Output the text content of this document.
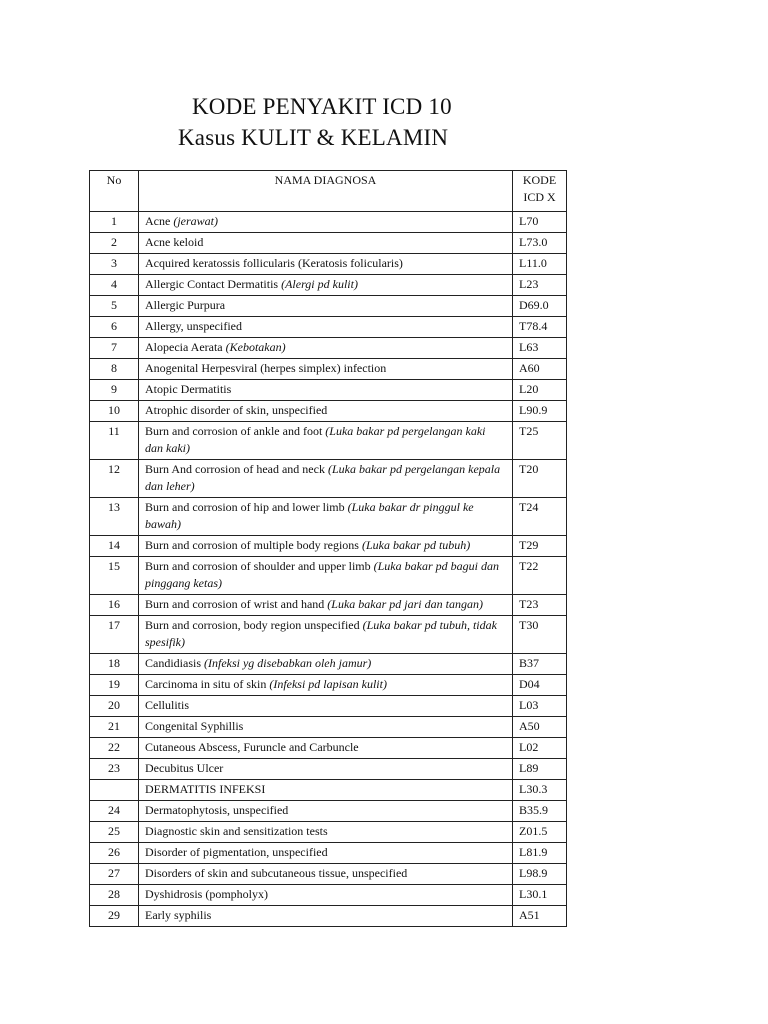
KODE PENYAKIT ICD 10
Kasus KULIT & KELAMIN
No	NAMA DIAGNOSA	KODE
ICD X
1	Acne (jerawat)	L70
2	Acne keloid	L73.0
3	Acquired keratossis follicularis (Keratosis folicularis)	L11.0
4	Allergic Contact Dermatitis (Alergi pd kulit)	L23
5	Allergic Purpura	D69.0
6	Allergy, unspecified	T78.4
7	Alopecia Aerata (Kebotakan)	L63
8	Anogenital Herpesviral (herpes simplex) infection	A60
9	Atopic Dermatitis	L20
10	Atrophic disorder of skin, unspecified	L90.9
11	Burn and corrosion of ankle and foot (Luka bakar pd pergelangan kaki dan kaki)	T25
12	Burn And corrosion of head and neck (Luka bakar pd pergelangan kepala dan leher)	T20
13	Burn and corrosion of hip and lower limb (Luka bakar dr pinggul ke bawah)	T24
14	Burn and corrosion of multiple body regions (Luka bakar pd tubuh)	T29
15	Burn and corrosion of shoulder and upper limb (Luka bakar pd bagui dan pinggang ketas)	T22
16	Burn and corrosion of wrist and hand (Luka bakar pd jari dan tangan)	T23
17	Burn and corrosion, body region unspecified (Luka bakar pd tubuh, tidak spesifik)	T30
18	Candidiasis (Infeksi yg disebabkan oleh jamur)	B37
19	Carcinoma in situ of skin (Infeksi pd lapisan kulit)	D04
20	Cellulitis	L03
21	Congenital Syphillis	A50
22	Cutaneous Abscess, Furuncle and Carbuncle	L02
23	Decubitus Ulcer	L89
	DERMATITIS INFEKSI	L30.3
24	Dermatophytosis, unspecified	B35.9
25	Diagnostic skin and sensitization tests	Z01.5
26	Disorder of pigmentation, unspecified	L81.9
27	Disorders of skin and subcutaneous tissue, unspecified	L98.9
28	Dyshidrosis (pompholyx)	L30.1
29	Early syphilis	A51
